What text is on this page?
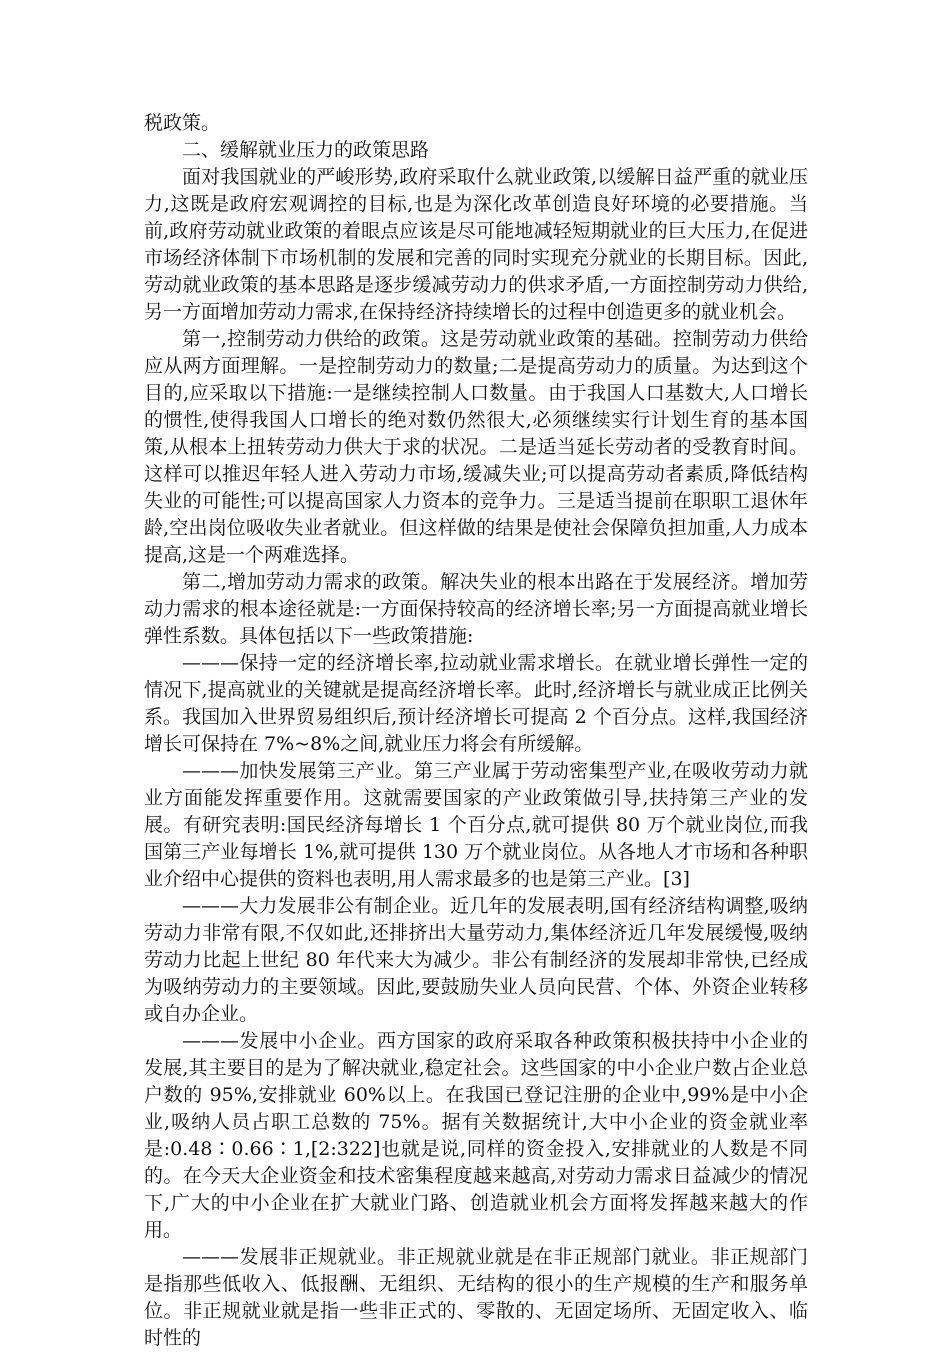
税政策。

二、缓解就业压力的政策思路

面对我国就业的严峻形势,政府采取什么就业政策,以缓解日益严重的就业压力,这既是政府宏观调控的目标,也是为深化改革创造良好环境的必要措施。当前,政府劳动就业政策的着眼点应该是尽可能地减轻短期就业的巨大压力,在促进市场经济体制下市场机制的发展和完善的同时实现充分就业的长期目标。因此,劳动就业政策的基本思路是逐步缓减劳动力的供求矛盾,一方面控制劳动力供给,另一方面增加劳动力需求,在保持经济持续增长的过程中创造更多的就业机会。

第一,控制劳动力供给的政策。这是劳动就业政策的基础。控制劳动力供给应从两方面理解。一是控制劳动力的数量;二是提高劳动力的质量。为达到这个目的,应采取以下措施:一是继续控制人口数量。由于我国人口基数大,人口增长的惯性,使得我国人口增长的绝对数仍然很大,必须继续实行计划生育的基本国策,从根本上扭转劳动力供大于求的状况。二是适当延长劳动者的受教育时间。这样可以推迟年轻人进入劳动力市场,缓减失业;可以提高劳动者素质,降低结构失业的可能性;可以提高国家人力资本的竞争力。三是适当提前在职职工退休年龄,空出岗位吸收失业者就业。但这样做的结果是使社会保障负担加重,人力成本提高,这是一个两难选择。

第二,增加劳动力需求的政策。解决失业的根本出路在于发展经济。增加劳动力需求的根本途径就是:一方面保持较高的经济增长率;另一方面提高就业增长弹性系数。具体包括以下一些政策措施:

———保持一定的经济增长率,拉动就业需求增长。在就业增长弹性一定的情况下,提高就业的关键就是提高经济增长率。此时,经济增长与就业成正比例关系。我国加入世界贸易组织后,预计经济增长可提高 2 个百分点。这样,我国经济增长可保持在 7%~8%之间,就业压力将会有所缓解。

———加快发展第三产业。第三产业属于劳动密集型产业,在吸收劳动力就业方面能发挥重要作用。这就需要国家的产业政策做引导,扶持第三产业的发展。有研究表明:国民经济每增长 1 个百分点,就可提供 80 万个就业岗位,而我国第三产业每增长 1%,就可提供 130 万个就业岗位。从各地人才市场和各种职业介绍中心提供的资料也表明,用人需求最多的也是第三产业。[3]

———大力发展非公有制企业。近几年的发展表明,国有经济结构调整,吸纳劳动力非常有限,不仅如此,还排挤出大量劳动力,集体经济近几年发展缓慢,吸纳劳动力比起上世纪 80 年代来大为减少。非公有制经济的发展却非常快,已经成为吸纳劳动力的主要领域。因此,要鼓励失业人员向民营、个体、外资企业转移或自办企业。

———发展中小企业。西方国家的政府采取各种政策积极扶持中小企业的发展,其主要目的是为了解决就业,稳定社会。这些国家的中小企业户数占企业总户数的 95%,安排就业 60%以上。在我国已登记注册的企业中,99%是中小企业,吸纳人员占职工总数的 75%。据有关数据统计,大中小企业的资金就业率是:0.48∶0.66∶1,[2:322]也就是说,同样的资金投入,安排就业的人数是不同的。在今天大企业资金和技术密集程度越来越高,对劳动力需求日益减少的情况下,广大的中小企业在扩大就业门路、创造就业机会方面将发挥越来越大的作用。

———发展非正规就业。非正规就业就是在非正规部门就业。非正规部门是指那些低收入、低报酬、无组织、无结构的很小的生产规模的生产和服务单位。非正规就业就是指一些非正式的、零散的、无固定场所、无固定收入、临时性的
